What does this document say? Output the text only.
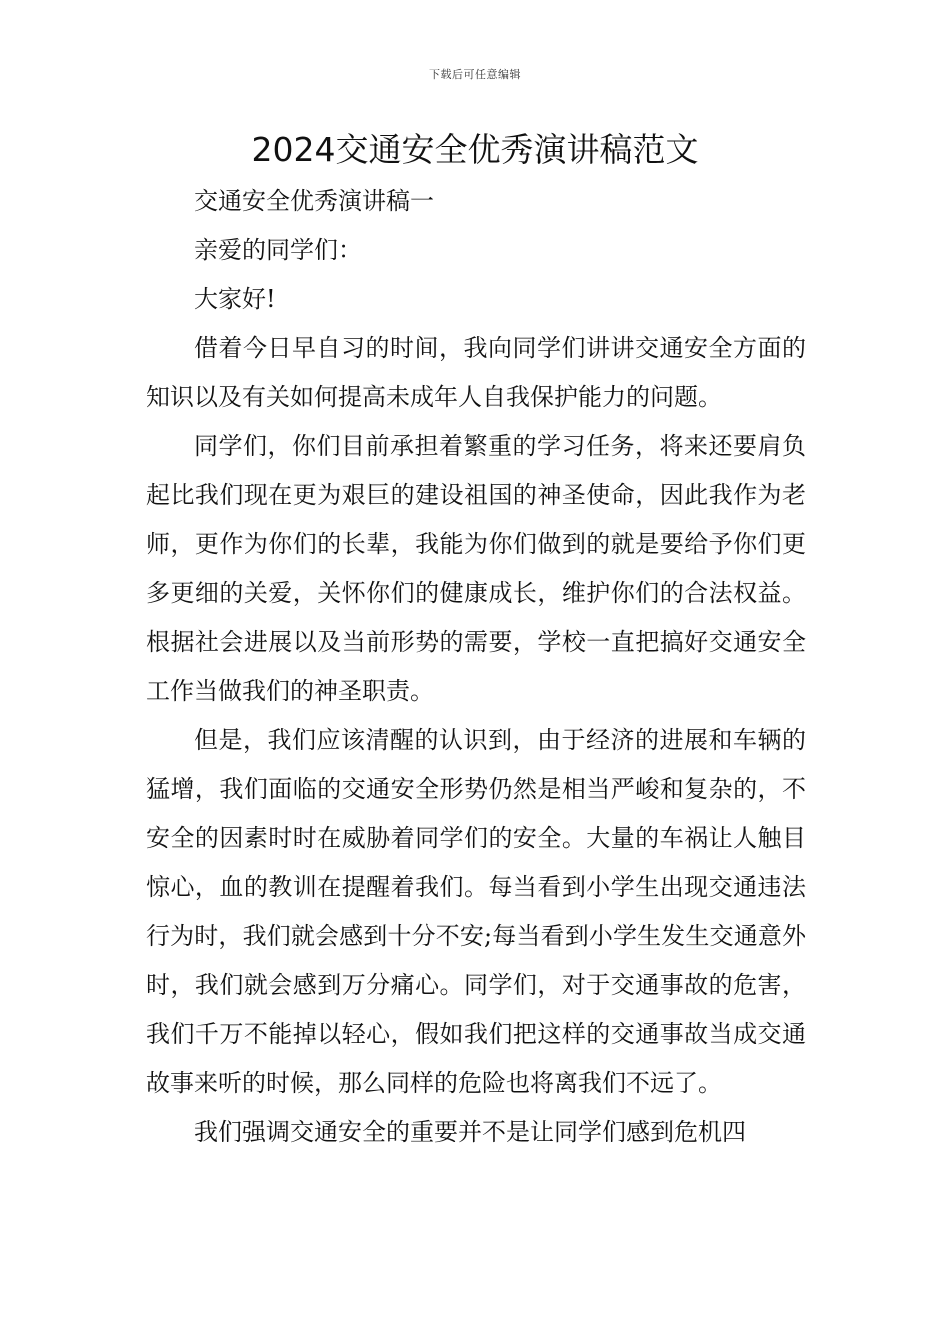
下载后可任意编辑
2024交通安全优秀演讲稿范文

交通安全优秀演讲稿一

亲爱的同学们：

大家好!

借着今日早自习的时间，我向同学们讲讲交通安全方面的知识以及有关如何提高未成年人自我保护能力的问题。

同学们，你们目前承担着繁重的学习任务，将来还要肩负起比我们现在更为艰巨的建设祖国的神圣使命，因此我作为老师，更作为你们的长辈，我能为你们做到的就是要给予你们更多更细的关爱，关怀你们的健康成长，维护你们的合法权益。根据社会进展以及当前形势的需要，学校一直把搞好交通安全工作当做我们的神圣职责。

但是，我们应该清醒的认识到，由于经济的进展和车辆的猛增，我们面临的交通安全形势仍然是相当严峻和复杂的，不安全的因素时时在威胁着同学们的安全。大量的车祸让人触目惊心，血的教训在提醒着我们。每当看到小学生出现交通违法行为时，我们就会感到十分不安;每当看到小学生发生交通意外时，我们就会感到万分痛心。同学们，对于交通事故的危害，我们千万不能掉以轻心，假如我们把这样的交通事故当成交通故事来听的时候，那么同样的危险也将离我们不远了。

我们强调交通安全的重要并不是让同学们感到危机四
